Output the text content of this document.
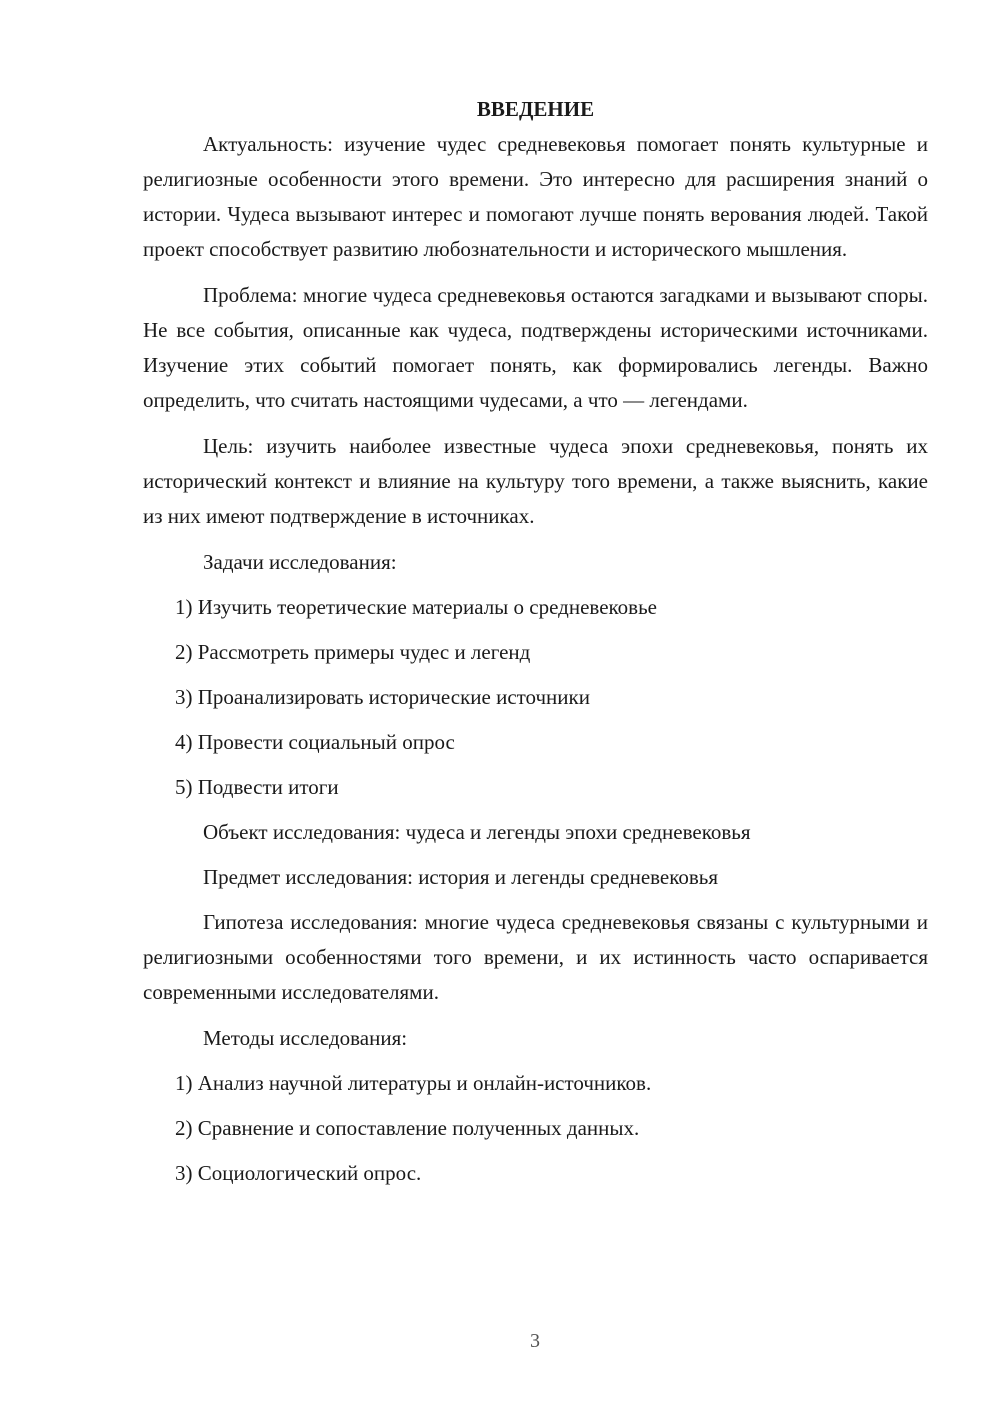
ВВЕДЕНИЕ

Актуальность: изучение чудес средневековья помогает понять культурные и религиозные особенности этого времени. Это интересно для расширения знаний о истории. Чудеса вызывают интерес и помогают лучше понять верования людей. Такой проект способствует развитию любознательности и исторического мышления.

Проблема: многие чудеса средневековья остаются загадками и вызывают споры. Не все события, описанные как чудеса, подтверждены историческими источниками. Изучение этих событий помогает понять, как формировались легенды. Важно определить, что считать настоящими чудесами, а что — легендами.

Цель: изучить наиболее известные чудеса эпохи средневековья, понять их исторический контекст и влияние на культуру того времени, а также выяснить, какие из них имеют подтверждение в источниках.

Задачи исследования:

1) Изучить теоретические материалы о средневековье

2) Рассмотреть примеры чудес и легенд

3) Проанализировать исторические источники

4) Провести социальный опрос

5) Подвести итоги

Объект исследования: чудеса и легенды эпохи средневековья

Предмет исследования: история и легенды средневековья

Гипотеза исследования: многие чудеса средневековья связаны с культурными и религиозными особенностями того времени, и их истинность часто оспаривается современными исследователями.

Методы исследования:

1) Анализ научной литературы и онлайн-источников.

2) Сравнение и сопоставление полученных данных.

3) Социологический опрос.

3
